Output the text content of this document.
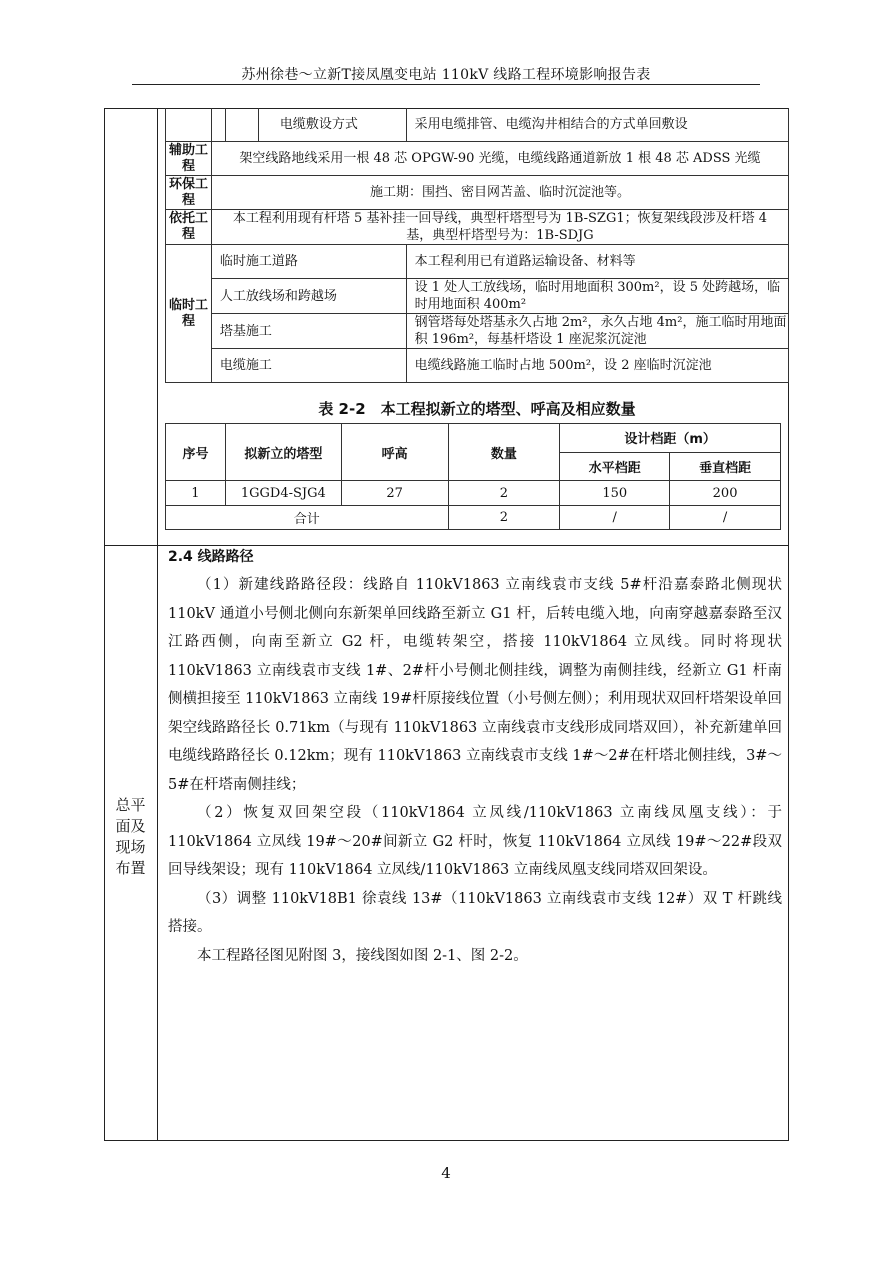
苏州徐巷～立新T接凤凰变电站 110kV 线路工程环境影响报告表
			电缆敷设方式	采用电缆排管、电缆沟井相结合的方式单回敷设
辅助工程	架空线路地线采用一根 48 芯 OPGW-90 光缆，电缆线路通道新放 1 根 48 芯 ADSS 光缆			
环保工程	施工期：围挡、密目网苫盖、临时沉淀池等。			
依托工程	本工程利用现有杆塔 5 基补挂一回导线，典型杆塔型号为 1B-SZG1；恢复架线段涉及杆塔 4 基，典型杆塔型号为：1B-SDJG			
临时工程	临时施工道路			本工程利用已有道路运输设备、材料等
	人工放线场和跨越场			设 1 处人工放线场，临时用地面积 300m²，设 5 处跨越场，临时用地面积 400m²
	塔基施工			钢管塔每处塔基永久占地 2m²，永久占地 4m²，施工临时用地面积 196m²，每基杆塔设 1 座泥浆沉淀池
	电缆施工			电缆线路施工临时占地 500m²，设 2 座临时沉淀池
表 2-2　本工程拟新立的塔型、呼高及相应数量
序号	拟新立的塔型	呼高	数量	设计档距（m）	
				水平档距	垂直档距
1	1GGD4-SJG4	27	2	150	200
合计			2	/	/
总平
面及
现场
布置
2.4 线路路径

（1）新建线路路径段：线路自 110kV1863 立南线袁市支线 5#杆沿嘉泰路北侧现状 110kV 通道小号侧北侧向东新架单回线路至新立 G1 杆，后转电缆入地，向南穿越嘉泰路至汉江路西侧，向南至新立 G2 杆，电缆转架空，搭接 110kV1864 立凤线。同时将现状 110kV1863 立南线袁市支线 1#、2#杆小号侧北侧挂线，调整为南侧挂线，经新立 G1 杆南侧横担接至 110kV1863 立南线 19#杆原接线位置（小号侧左侧）；利用现状双回杆塔架设单回架空线路路径长 0.71km（与现有 110kV1863 立南线袁市支线形成同塔双回），补充新建单回电缆线路路径长 0.12km；现有 110kV1863 立南线袁市支线 1#～2#在杆塔北侧挂线，3#～5#在杆塔南侧挂线；

（2）恢复双回架空段（110kV1864 立凤线/110kV1863 立南线凤凰支线）：于 110kV1864 立凤线 19#～20#间新立 G2 杆时，恢复 110kV1864 立凤线 19#～22#段双回导线架设；现有 110kV1864 立凤线/110kV1863 立南线凤凰支线同塔双回架设。

（3）调整 110kV18B1 徐袁线 13#（110kV1863 立南线袁市支线 12#）双 T 杆跳线搭接。

本工程路径图见附图 3，接线图如图 2-1、图 2-2。

4
